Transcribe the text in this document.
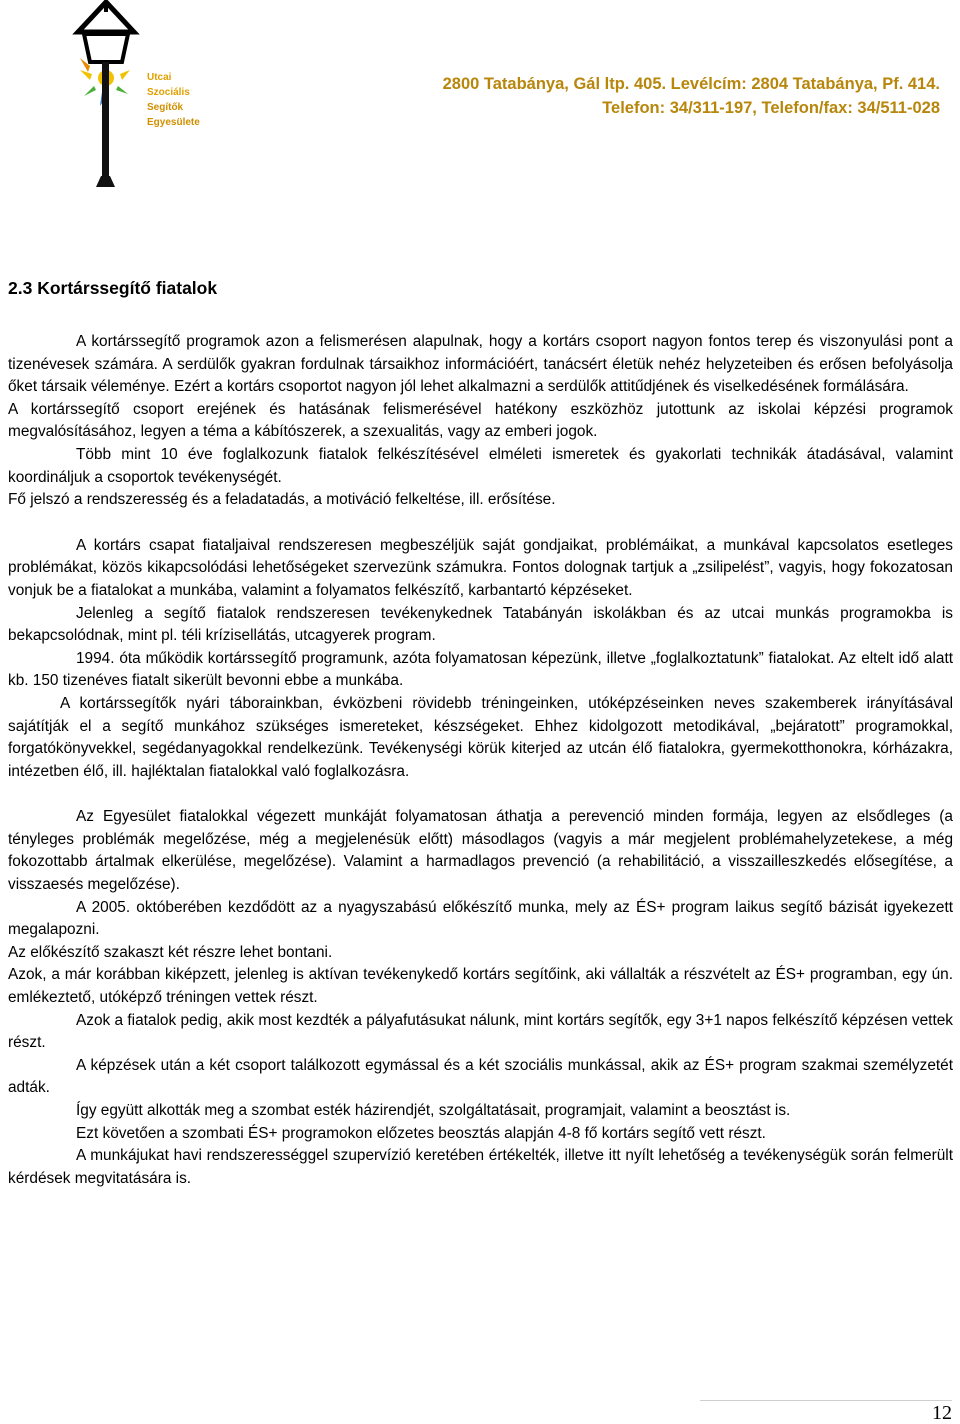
Utcai
Szociális
Segítők
Egyesülete
2800 Tatabánya, Gál ltp. 405. Levélcím: 2804 Tatabánya, Pf. 414.
Telefon: 34/311-197, Telefon/fax: 34/511-028
2.3 Kortárssegítő fiatalok

A kortárssegítő programok azon a felismerésen alapulnak, hogy a kortárs csoport nagyon fontos terep és viszonyulási pont a tizenévesek számára. A serdülők gyakran fordulnak társaikhoz információért, tanácsért életük nehéz helyzeteiben és erősen befolyásolja őket társaik véleménye. Ezért a kortárs csoportot nagyon jól lehet alkalmazni a serdülők attitűdjének és viselkedésének formálására.

A kortárssegítő csoport erejének és hatásának felismerésével hatékony eszközhöz jutottunk az iskolai képzési programok megvalósításához, legyen a téma a kábítószerek, a szexualitás, vagy az emberi jogok.

Több mint 10 éve foglalkozunk fiatalok felkészítésével elméleti ismeretek és gyakorlati technikák átadásával, valamint koordináljuk a csoportok tevékenységét.

Fő jelszó a rendszeresség és a feladatadás, a motiváció felkeltése, ill. erősítése.

A kortárs csapat fiataljaival rendszeresen megbeszéljük saját gondjaikat, problémáikat, a munkával kapcsolatos esetleges problémákat, közös kikapcsolódási lehetőségeket szervezünk számukra. Fontos dolognak tartjuk a „zsilipelést”, vagyis, hogy fokozatosan vonjuk be a fiatalokat a munkába, valamint a folyamatos felkészítő, karbantartó képzéseket.

Jelenleg a segítő fiatalok rendszeresen tevékenykednek Tatabányán iskolákban és az utcai munkás programokba is bekapcsolódnak, mint pl. téli krízisellátás, utcagyerek program.

1994. óta működik kortárssegítő programunk, azóta folyamatosan képezünk, illetve „foglalkoztatunk” fiatalokat. Az eltelt idő alatt kb. 150 tizenéves fiatalt sikerült bevonni ebbe a munkába.

A kortárssegítők nyári táborainkban, évközbeni rövidebb tréningeinken, utóképzéseinken neves szakemberek irányításával sajátítják el a segítő munkához szükséges ismereteket, készségeket. Ehhez kidolgozott metodikával, „bejáratott” programokkal, forgatókönyvekkel, segédanyagokkal rendelkezünk. Tevékenységi körük kiterjed az utcán élő fiatalokra, gyermekotthonokra, kórházakra, intézetben élő, ill. hajléktalan fiatalokkal való foglalkozásra.

Az Egyesület fiatalokkal végezett munkáját folyamatosan áthatja a perevenció minden formája, legyen az elsődleges (a tényleges problémák megelőzése, még a megjelenésük előtt) másodlagos (vagyis a már megjelent problémahelyzetekese, a még fokozottabb ártalmak elkerülése, megelőzése). Valamint a harmadlagos prevenció (a rehabilitáció, a visszailleszkedés elősegítése, a visszaesés megelőzése).

A 2005. októberében kezdődött az a nyagyszabású előkészítő munka, mely az ÉS+ program laikus segítő bázisát igyekezett megalapozni.

Az előkészítő szakaszt két részre lehet bontani.

Azok, a már korábban kiképzett, jelenleg is aktívan tevékenykedő kortárs segítőink, aki vállalták a részvételt az ÉS+ programban, egy ún. emlékeztető, utóképző tréningen vettek részt.

Azok a fiatalok pedig, akik most kezdték a pályafutásukat nálunk, mint kortárs segítők, egy 3+1 napos felkészítő képzésen vettek részt.

A képzések után a két csoport találkozott egymással és a két szociális munkással, akik az ÉS+ program szakmai személyzetét adták.

Így együtt alkották meg a szombat esték házirendjét, szolgáltatásait, programjait, valamint a beosztást is.

Ezt követően a szombati ÉS+ programokon előzetes beosztás alapján 4-8 fő kortárs segítő vett részt.

A munkájukat havi rendszerességgel szupervízió keretében értékelték, illetve itt nyílt lehetőség a tevékenységük során felmerült kérdések megvitatására is.

12
